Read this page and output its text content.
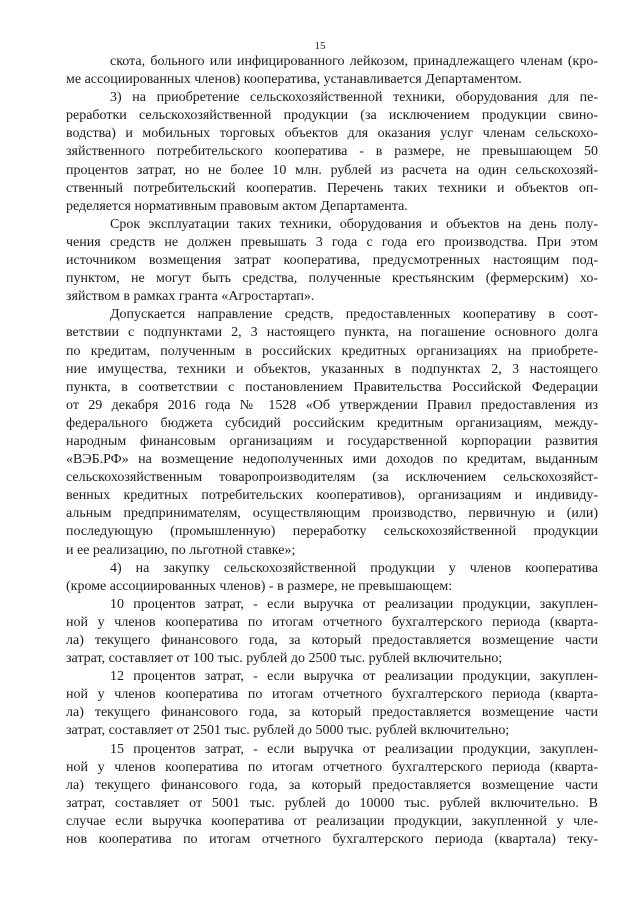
15
скота, больного или инфицированного лейкозом, принадлежащего членам (кро-
ме ассоциированных членов) кооператива, устанавливается Департаментом.
3) на приобретение сельскохозяйственной техники, оборудования для пе-
реработки сельскохозяйственной продукции (за исключением продукции свино-
водства) и мобильных торговых объектов для оказания услуг членам сельскохо-
зяйственного потребительского кооператива - в размере, не превышающем 50
процентов затрат, но не более 10 млн. рублей из расчета на один сельскохозяй-
ственный потребительский кооператив. Перечень таких техники и объектов оп-
ределяется нормативным правовым актом Департамента.
Срок эксплуатации таких техники, оборудования и объектов на день полу-
чения средств не должен превышать 3 года с года его производства. При этом
источником возмещения затрат кооператива, предусмотренных настоящим под-
пунктом, не могут быть средства, полученные крестьянским (фермерским) хо-
зяйством в рамках гранта «Агростартап».
Допускается направление средств, предоставленных кооперативу в соот-
ветствии с подпунктами 2, 3 настоящего пункта, на погашение основного долга
по кредитам, полученным в российских кредитных организациях на приобрете-
ние имущества, техники и объектов, указанных в подпунктах 2, 3 настоящего
пункта, в соответствии с постановлением Правительства Российской Федерации
от 29 декабря 2016 года № 1528 «Об утверждении Правил предоставления из
федерального бюджета субсидий российским кредитным организациям, между-
народным финансовым организациям и государственной корпорации развития
«ВЭБ.РФ» на возмещение недополученных ими доходов по кредитам, выданным
сельскохозяйственным товаропроизводителям (за исключением сельскохозяйст-
венных кредитных потребительских кооперативов), организациям и индивиду-
альным предпринимателям, осуществляющим производство, первичную и (или)
последующую (промышленную) переработку сельскохозяйственной продукции
и ее реализацию, по льготной ставке»;
4) на закупку сельскохозяйственной продукции у членов кооператива
(кроме ассоциированных членов) - в размере, не превышающем:
10 процентов затрат, - если выручка от реализации продукции, закуплен-
ной у членов кооператива по итогам отчетного бухгалтерского периода (кварта-
ла) текущего финансового года, за который предоставляется возмещение части
затрат, составляет от 100 тыс. рублей до 2500 тыс. рублей включительно;
12 процентов затрат, - если выручка от реализации продукции, закуплен-
ной у членов кооператива по итогам отчетного бухгалтерского периода (кварта-
ла) текущего финансового года, за который предоставляется возмещение части
затрат, составляет от 2501 тыс. рублей до 5000 тыс. рублей включительно;
15 процентов затрат, - если выручка от реализации продукции, закуплен-
ной у членов кооператива по итогам отчетного бухгалтерского периода (кварта-
ла) текущего финансового года, за который предоставляется возмещение части
затрат, составляет от 5001 тыс. рублей до 10000 тыс. рублей включительно. В
случае если выручка кооператива от реализации продукции, закупленной у чле-
нов кооператива по итогам отчетного бухгалтерского периода (квартала) теку-
